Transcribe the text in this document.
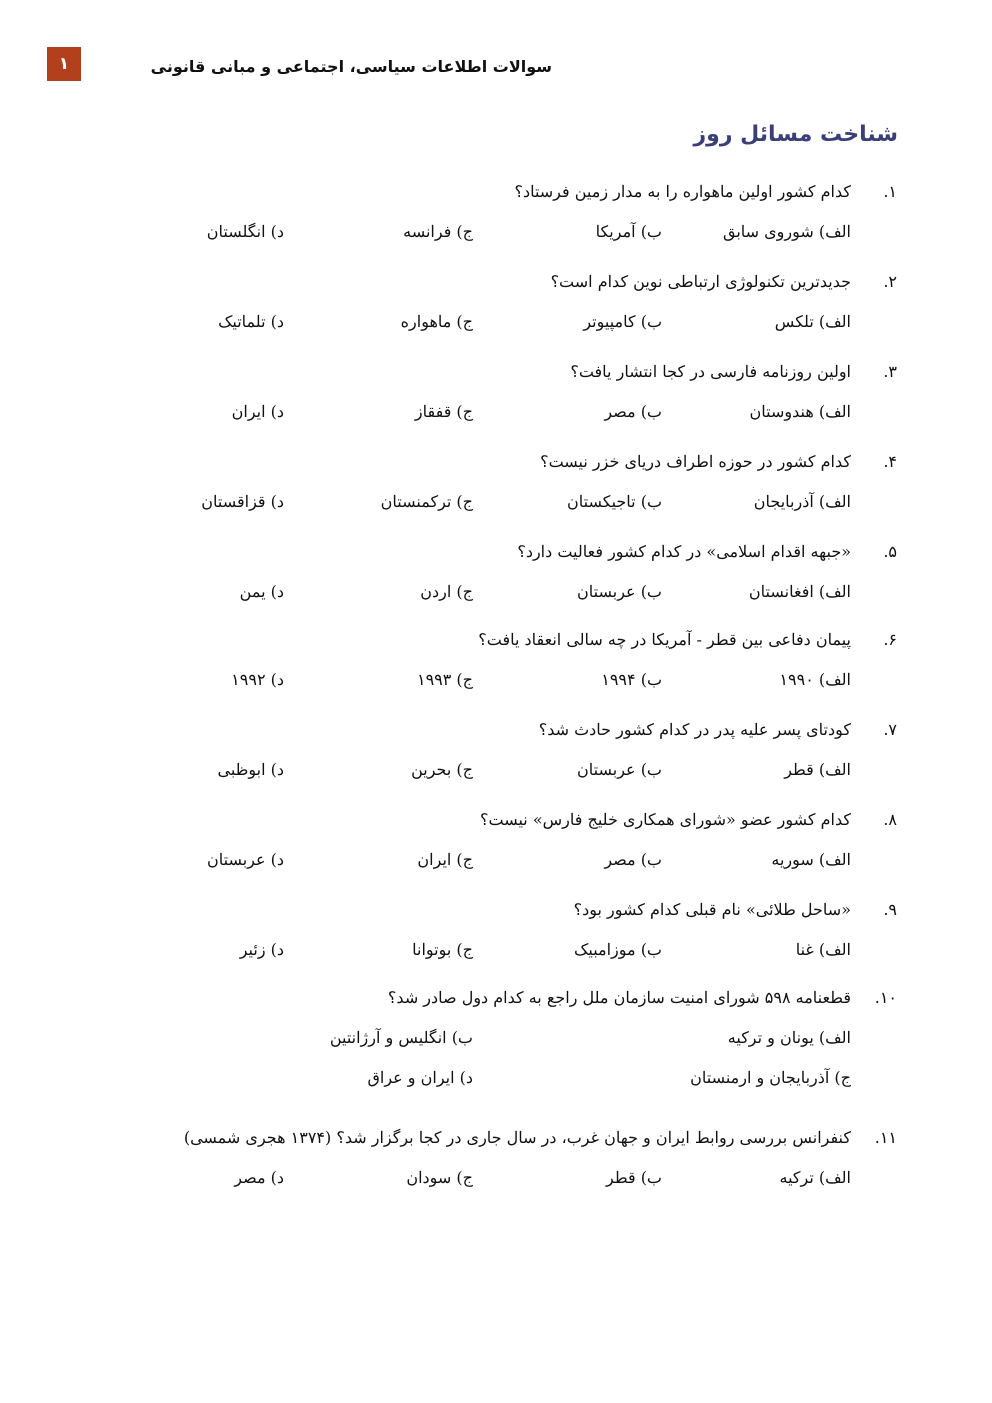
۱	سوالات اطلاعات سیاسی، اجتماعی و مبانی قانونی
شناخت مسائل روز
۱.
کدام کشور اولین ماهواره را به مدار زمین فرستاد؟
الف) شوروی سابق
ب) آمریکا
ج) فرانسه
د) انگلستان
۲.
جدیدترین تکنولوژی ارتباطی نوین کدام است؟
الف) تلکس
ب) کامپیوتر
ج) ماهواره
د) تلماتیک
۳.
اولین روزنامه فارسی در کجا انتشار یافت؟
الف) هندوستان
ب) مصر
ج) قفقاز
د) ایران
۴.
کدام کشور در حوزه اطراف دریای خزر نیست؟
الف) آذربایجان
ب) تاجیکستان
ج) ترکمنستان
د) قزاقستان
۵.
«جبهه اقدام اسلامی» در کدام کشور فعالیت دارد؟
الف) افغانستان
ب) عربستان
ج) اردن
د) یمن
۶.
پیمان دفاعی بین قطر - آمریکا در چه سالی انعقاد یافت؟
الف) ۱۹۹۰
ب) ۱۹۹۴
ج) ۱۹۹۳
د) ۱۹۹۲
۷.
کودتای پسر علیه پدر در کدام کشور حادث شد؟
الف) قطر
ب) عربستان
ج) بحرین
د) ابوظبی
۸.
کدام کشور عضو «شورای همکاری خلیج فارس» نیست؟
الف) سوریه
ب) مصر
ج) ایران
د) عربستان
۹.
«ساحل طلائی» نام قبلی کدام کشور بود؟
الف) غنا
ب) موزامبیک
ج) بوتوانا
د) زئیر
۱۰.
قطعنامه ۵۹۸ شورای امنیت سازمان ملل راجع به کدام دول صادر شد؟
الف) یونان و ترکیه
ب) انگلیس و آرژانتین
ج) آذربایجان و ارمنستان
د) ایران و عراق
۱۱.
کنفرانس بررسی روابط ایران و جهان غرب، در سال جاری در کجا برگزار شد؟ (۱۳۷۴ هجری شمسی)
الف) ترکیه
ب) قطر
ج) سودان
د) مصر
